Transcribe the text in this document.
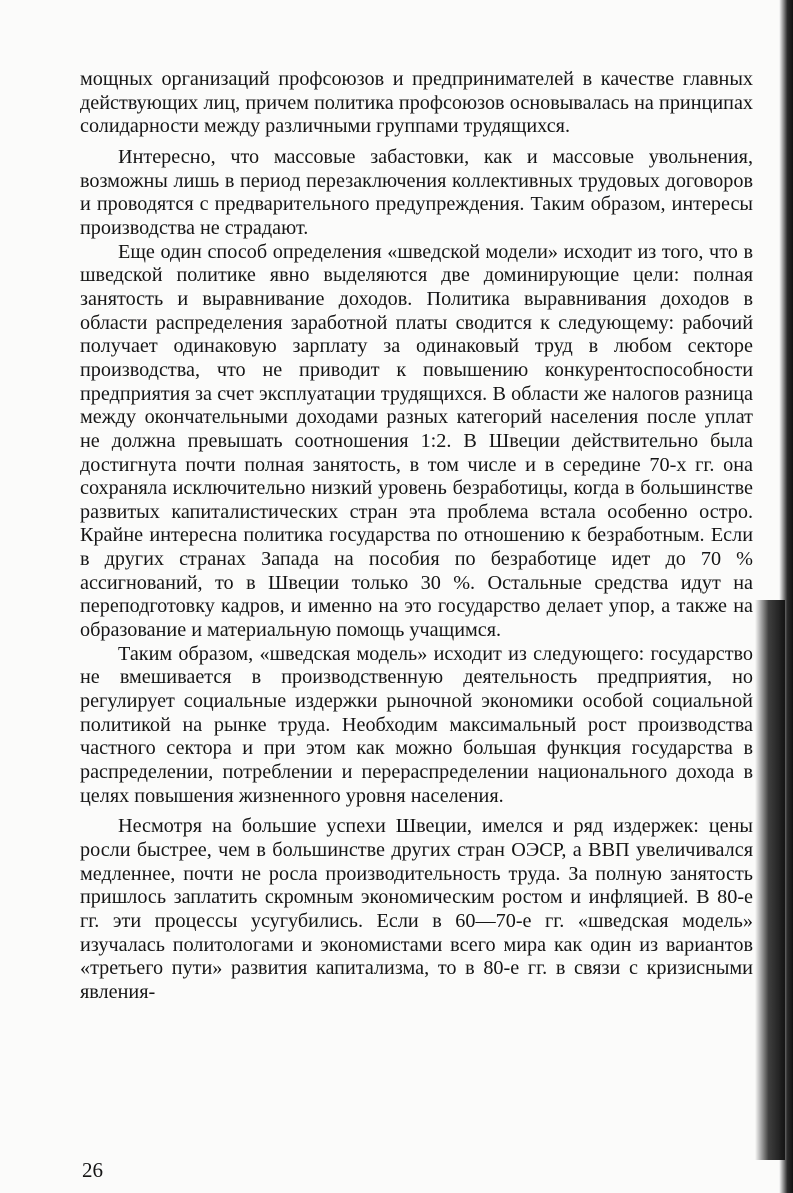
мощных организаций профсоюзов и предпринимателей в качестве главных действующих лиц, причем политика профсоюзов основывалась на принципах солидарности между различными группами трудящихся.

Интересно, что массовые забастовки, как и массовые увольнения, возможны лишь в период перезаключения коллективных трудовых договоров и проводятся с предварительного предупреждения. Таким образом, интересы производства не страдают.

Еще один способ определения «шведской модели» исходит из того, что в шведской политике явно выделяются две доминирующие цели: полная занятость и выравнивание доходов. Политика выравнивания доходов в области распределения заработной платы сводится к следующему: рабочий получает одинаковую зарплату за одинаковый труд в любом секторе производства, что не приводит к повышению конкурентоспособности предприятия за счет эксплуатации трудящихся. В области же налогов разница между окончательными доходами разных категорий населения после уплат не должна превышать соотношения 1:2. В Швеции действительно была достигнута почти полная занятость, в том числе и в середине 70-х гг. она сохраняла исключительно низкий уровень безработицы, когда в большинстве развитых капиталистических стран эта проблема встала особенно остро. Крайне интересна политика государства по отношению к безработным. Если в других странах Запада на пособия по безработице идет до 70 % ассигнований, то в Швеции только 30 %. Остальные средства идут на переподготовку кадров, и именно на это государство делает упор, а также на образование и материальную помощь учащимся.

Таким образом, «шведская модель» исходит из следующего: государство не вмешивается в производственную деятельность предприятия, но регулирует социальные издержки рыночной экономики особой социальной политикой на рынке труда. Необходим максимальный рост производства частного сектора и при этом как можно большая функция государства в распределении, потреблении и перераспределении национального дохода в целях повышения жизненного уровня населения.

Несмотря на большие успехи Швеции, имелся и ряд издержек: цены росли быстрее, чем в большинстве других стран ОЭСР, а ВВП увеличивался медленнее, почти не росла производительность труда. За полную занятость пришлось заплатить скромным экономическим ростом и инфляцией. В 80-е гг. эти процессы усугубились. Если в 60—70-е гг. «шведская модель» изучалась политологами и экономистами всего мира как один из вариантов «третьего пути» развития капитализма, то в 80-е гг. в связи с кризисными явления-

26
